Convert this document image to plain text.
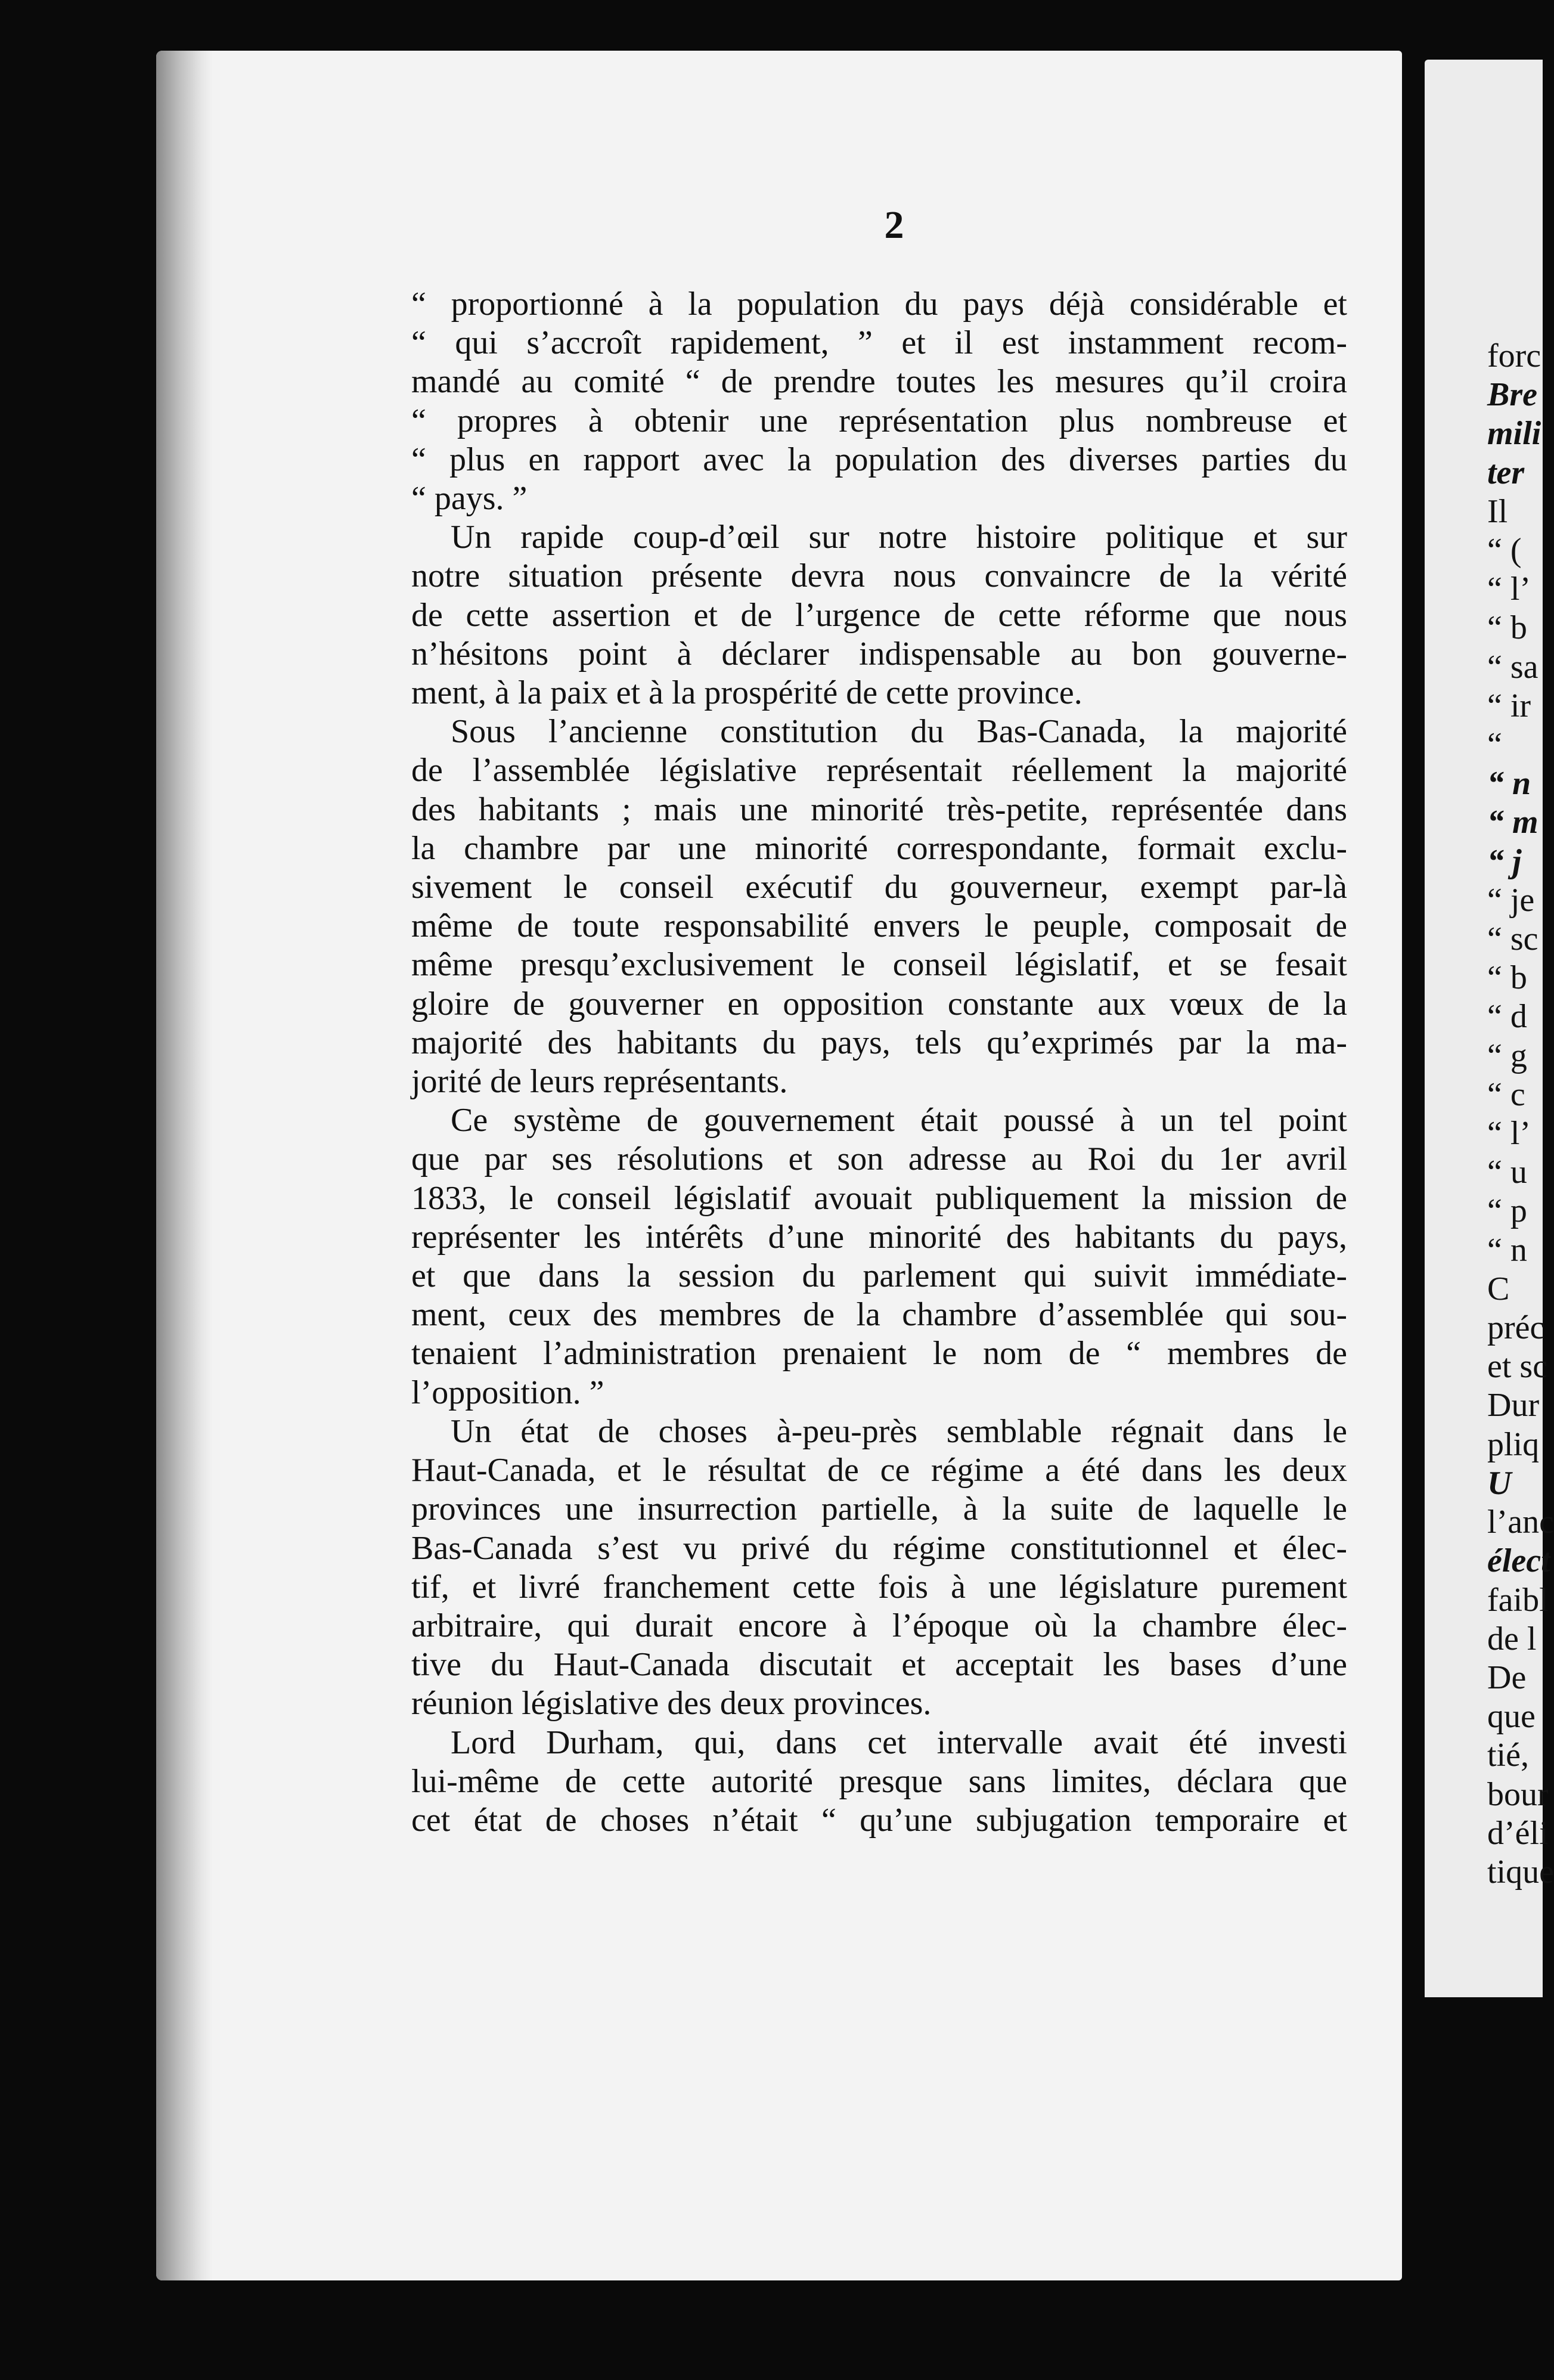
2
“ proportionné à la population du pays déjà considérable et
“ qui s’accroît rapidement, ” et il est instamment recom-
mandé au comité “ de prendre toutes les mesures qu’il croira
“ propres à obtenir une représentation plus nombreuse et
“ plus en rapport avec la population des diverses parties du
“ pays. ”
Un rapide coup-d’œil sur notre histoire politique et sur
notre situation présente devra nous convaincre de la vérité
de cette assertion et de l’urgence de cette réforme que nous
n’hésitons point à déclarer indispensable au bon gouverne-
ment, à la paix et à la prospérité de cette province.
Sous l’ancienne constitution du Bas-Canada, la majorité
de l’assemblée législative représentait réellement la majorité
des habitants ; mais une minorité très-petite, représentée dans
la chambre par une minorité correspondante, formait exclu-
sivement le conseil exécutif du gouverneur, exempt par-là
même de toute responsabilité envers le peuple, composait de
même presqu’exclusivement le conseil législatif, et se fesait
gloire de gouverner en opposition constante aux vœux de la
majorité des habitants du pays, tels qu’exprimés par la ma-
jorité de leurs représentants.
Ce système de gouvernement était poussé à un tel point
que par ses résolutions et son adresse au Roi du 1er avril
1833, le conseil législatif avouait publiquement la mission de
représenter les intérêts d’une minorité des habitants du pays,
et que dans la session du parlement qui suivit immédiate-
ment, ceux des membres de la chambre d’assemblée qui sou-
tenaient l’administration prenaient le nom de “ membres de
l’opposition. ”
Un état de choses à-peu-près semblable régnait dans le
Haut-Canada, et le résultat de ce régime a été dans les deux
provinces une insurrection partielle, à la suite de laquelle le
Bas-Canada s’est vu privé du régime constitutionnel et élec-
tif, et livré franchement cette fois à une législature purement
arbitraire, qui durait encore à l’époque où la chambre élec-
tive du Haut-Canada discutait et acceptait les bases d’une
réunion législative des deux provinces.
Lord Durham, qui, dans cet intervalle avait été investi
lui-même de cette autorité presque sans limites, déclara que
cet état de choses n’était “ qu’une subjugation temporaire et
forc
Bre
mili
ter
Il
“ (
“ l’
“ b
“ sa
“ ir
“
“ n
“ m
“ j
“ je
“ sc
“ b
“ d
“ g
“ c
“ l’
“ u
“ p
“ n
C
préc
et sc
Dur
pliq
U
l’anc
élect
faibl
de l
De
que
tié,
bour
d’éli
tique
